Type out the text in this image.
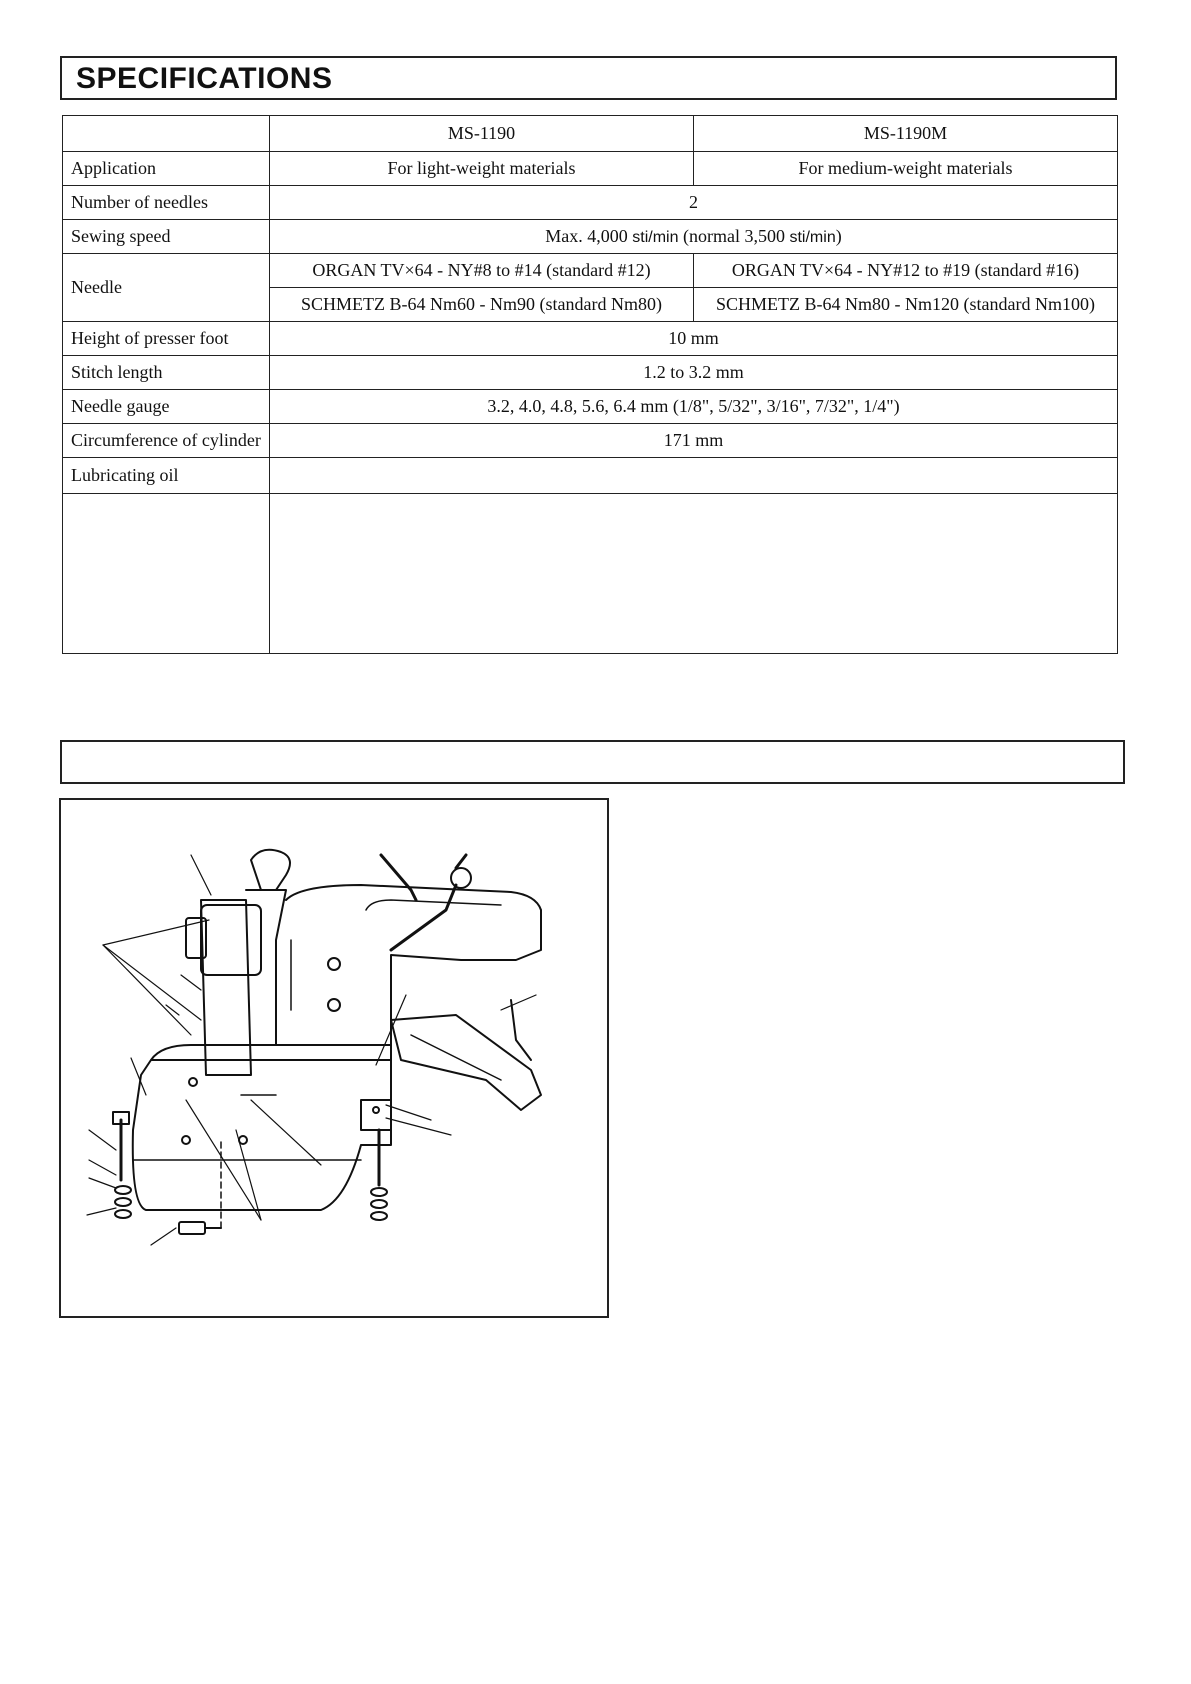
SPECIFICATIONS
	MS-1190	MS-1190M
Application	For light-weight materials	For medium-weight materials
Number of needles	2	
Sewing speed	Max. 4,000 sti/min (normal 3,500 sti/min)	
Needle	ORGAN TV×64 - NY#8 to #14 (standard #12)	ORGAN TV×64 - NY#12 to #19 (standard #16)
	SCHMETZ B-64 Nm60 - Nm90 (standard Nm80)	SCHMETZ B-64 Nm80 - Nm120 (standard Nm100)
Height of presser foot	10 mm	
Stitch length	1.2 to 3.2 mm	
Needle gauge	3.2, 4.0, 4.8, 5.6, 6.4 mm (1/8", 5/32", 3/16", 7/32", 1/4")	
Circumference of cylinder	171 mm	
Lubricating oil		
